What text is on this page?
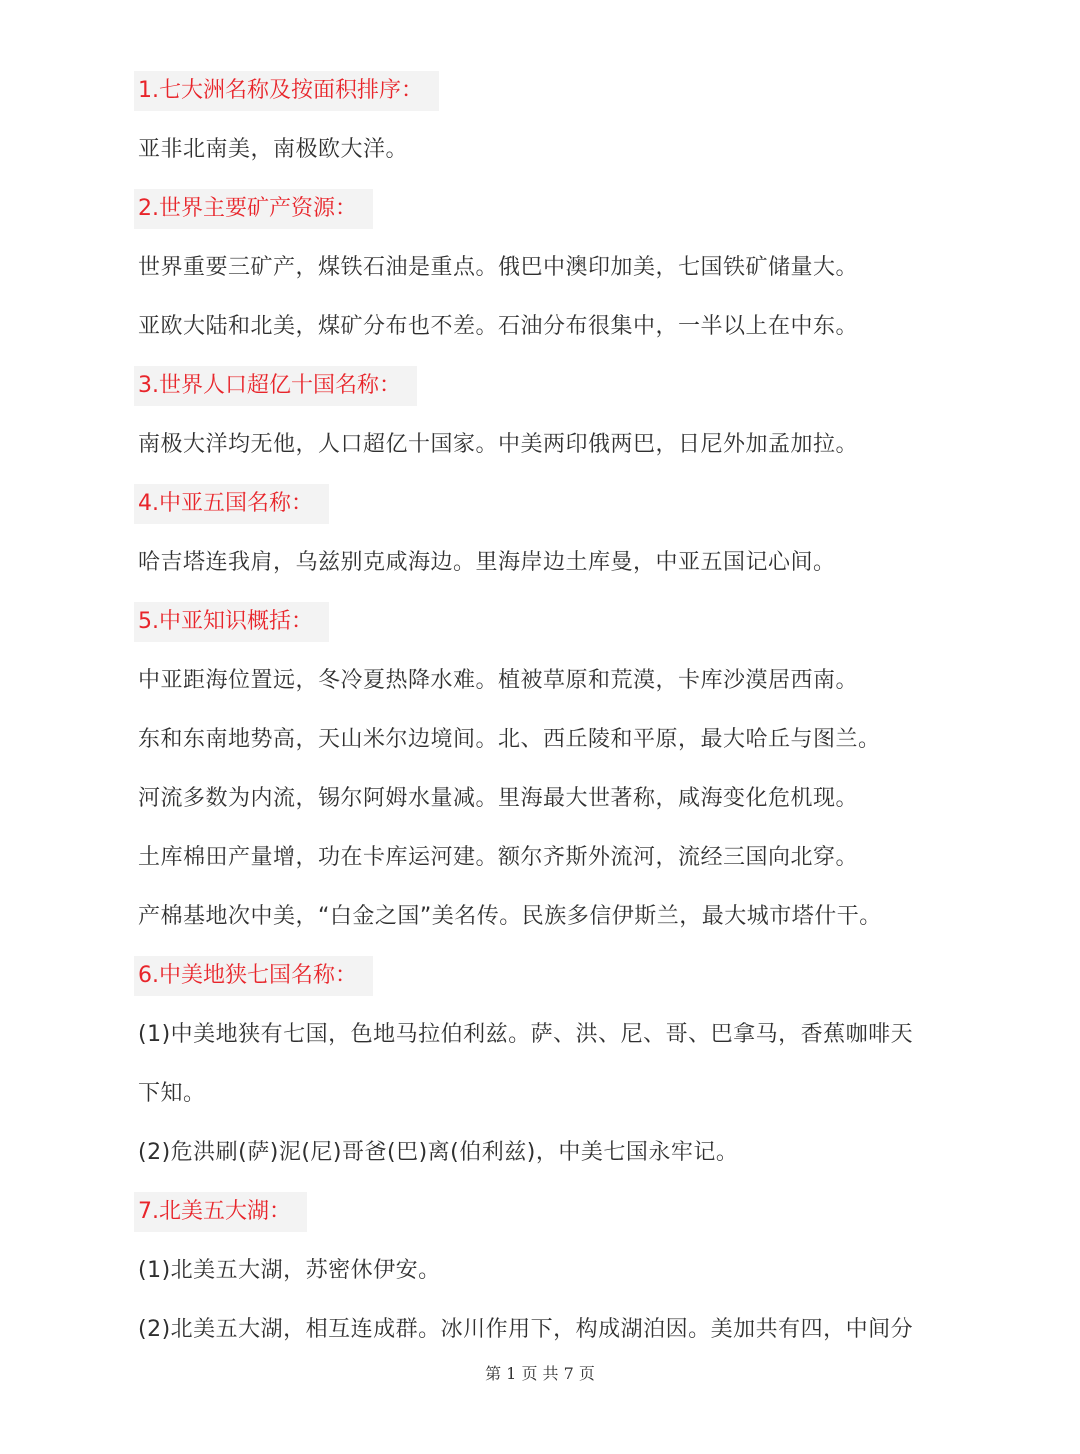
1.七大洲名称及按面积排序：
亚非北南美，南极欧大洋。
2.世界主要矿产资源：
世界重要三矿产，煤铁石油是重点。俄巴中澳印加美，七国铁矿储量大。
亚欧大陆和北美，煤矿分布也不差。石油分布很集中，一半以上在中东。
3.世界人口超亿十国名称：
南极大洋均无他，人口超亿十国家。中美两印俄两巴，日尼外加孟加拉。
4.中亚五国名称：
哈吉塔连我肩，乌兹别克咸海边。里海岸边土库曼，中亚五国记心间。
5.中亚知识概括：
中亚距海位置远，冬冷夏热降水难。植被草原和荒漠，卡库沙漠居西南。
东和东南地势高，天山米尔边境间。北、西丘陵和平原，最大哈丘与图兰。
河流多数为内流，锡尔阿姆水量减。里海最大世著称，咸海变化危机现。
土库棉田产量增，功在卡库运河建。额尔齐斯外流河，流经三国向北穿。
产棉基地次中美，“白金之国”美名传。民族多信伊斯兰，最大城市塔什干。
6.中美地狭七国名称：
(1)中美地狭有七国，色地马拉伯利兹。萨、洪、尼、哥、巴拿马，香蕉咖啡天
下知。
(2)危洪刷(萨)泥(尼)哥爸(巴)离(伯利兹)，中美七国永牢记。
7.北美五大湖：
(1)北美五大湖，苏密休伊安。
(2)北美五大湖，相互连成群。冰川作用下，构成湖泊因。美加共有四，中间分
第 1 页 共 7 页
